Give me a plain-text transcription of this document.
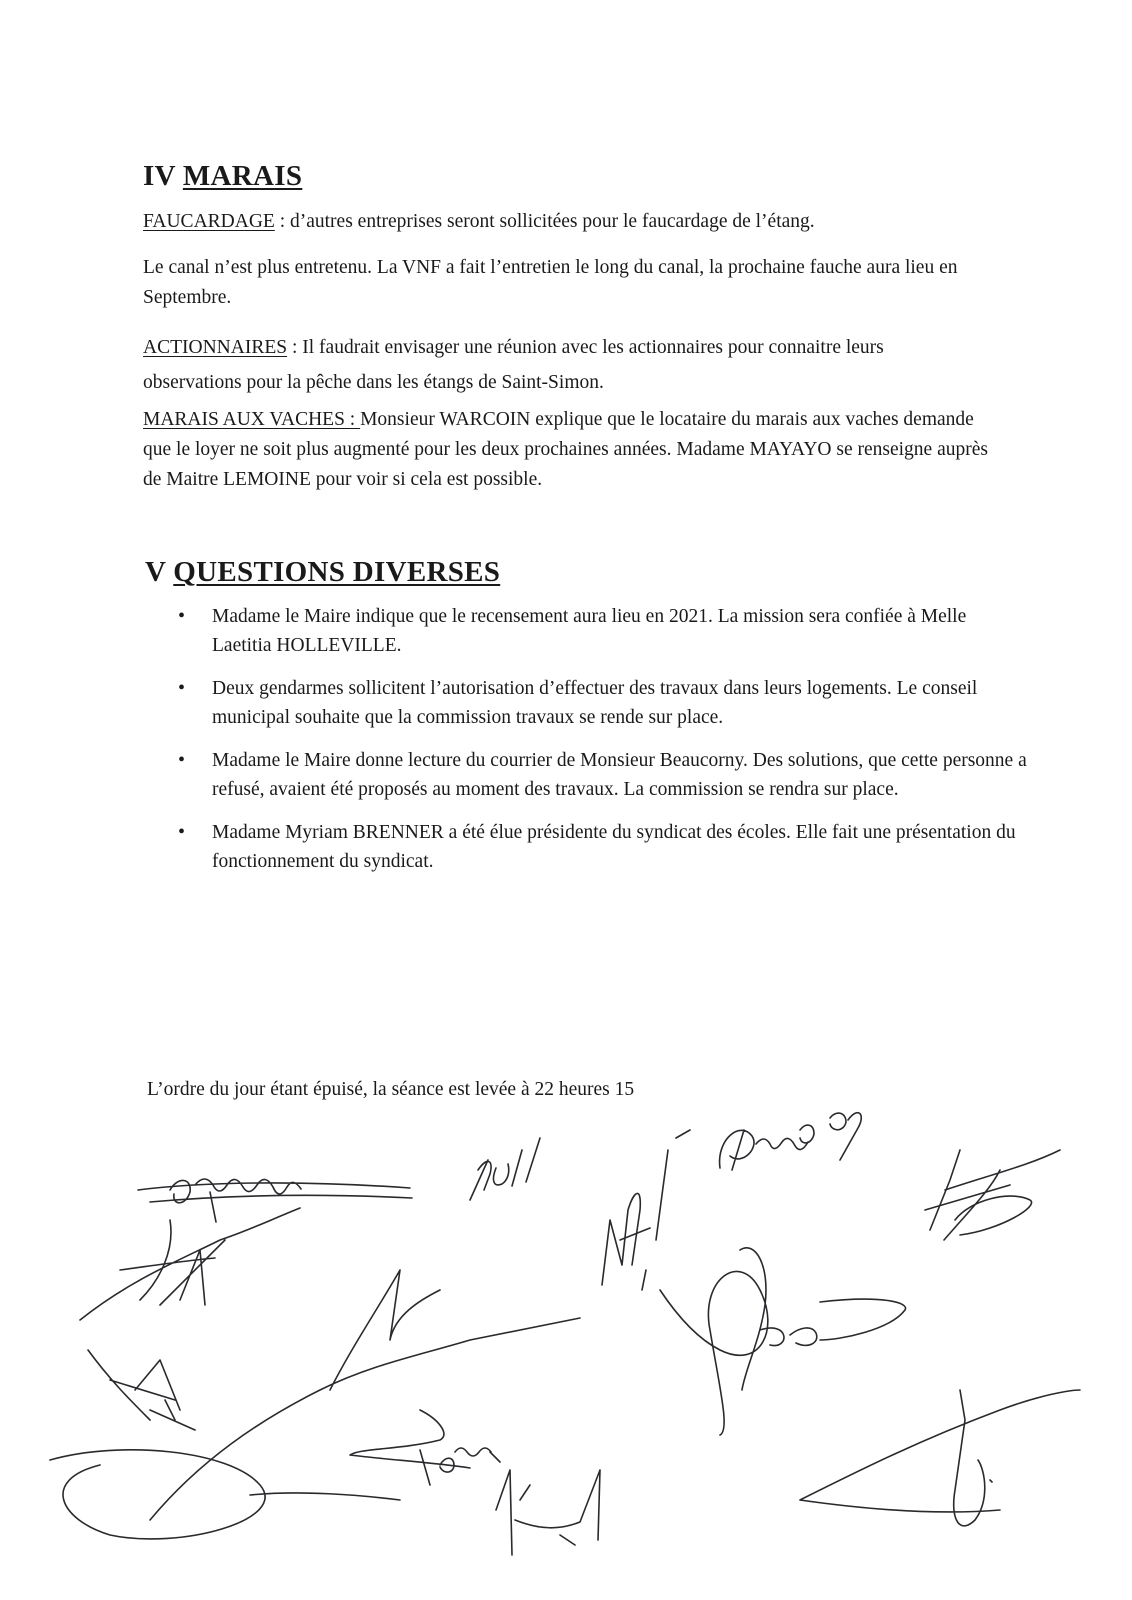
IV MARAIS

FAUCARDAGE : d’autres entreprises seront sollicitées pour le faucardage de l’étang.

Le canal n’est plus entretenu. La VNF a fait l’entretien le long du canal, la prochaine fauche aura lieu en Septembre.

ACTIONNAIRES : Il faudrait envisager une réunion avec les actionnaires pour connaitre leurs observations pour la pêche dans les étangs de Saint-Simon.

MARAIS AUX VACHES : Monsieur WARCOIN explique que le locataire du marais aux vaches demande que le loyer ne soit plus augmenté pour les deux prochaines années. Madame MAYAYO se renseigne auprès de Maitre LEMOINE pour voir si cela est possible.

V QUESTIONS DIVERSES
• Madame le Maire indique que le recensement aura lieu en 2021. La mission sera confiée à Melle Laetitia HOLLEVILLE.
• Deux gendarmes sollicitent l’autorisation d’effectuer des travaux dans leurs logements. Le conseil municipal souhaite que la commission travaux se rende sur place.
• Madame le Maire donne lecture du courrier de Monsieur Beaucorny. Des solutions, que cette personne a refusé, avaient été proposés au moment des travaux. La commission se rendra sur place.
• Madame Myriam BRENNER a été élue présidente du syndicat des écoles. Elle fait une présentation du fonctionnement du syndicat.

L’ordre du jour étant épuisé, la séance est levée à 22 heures 15
